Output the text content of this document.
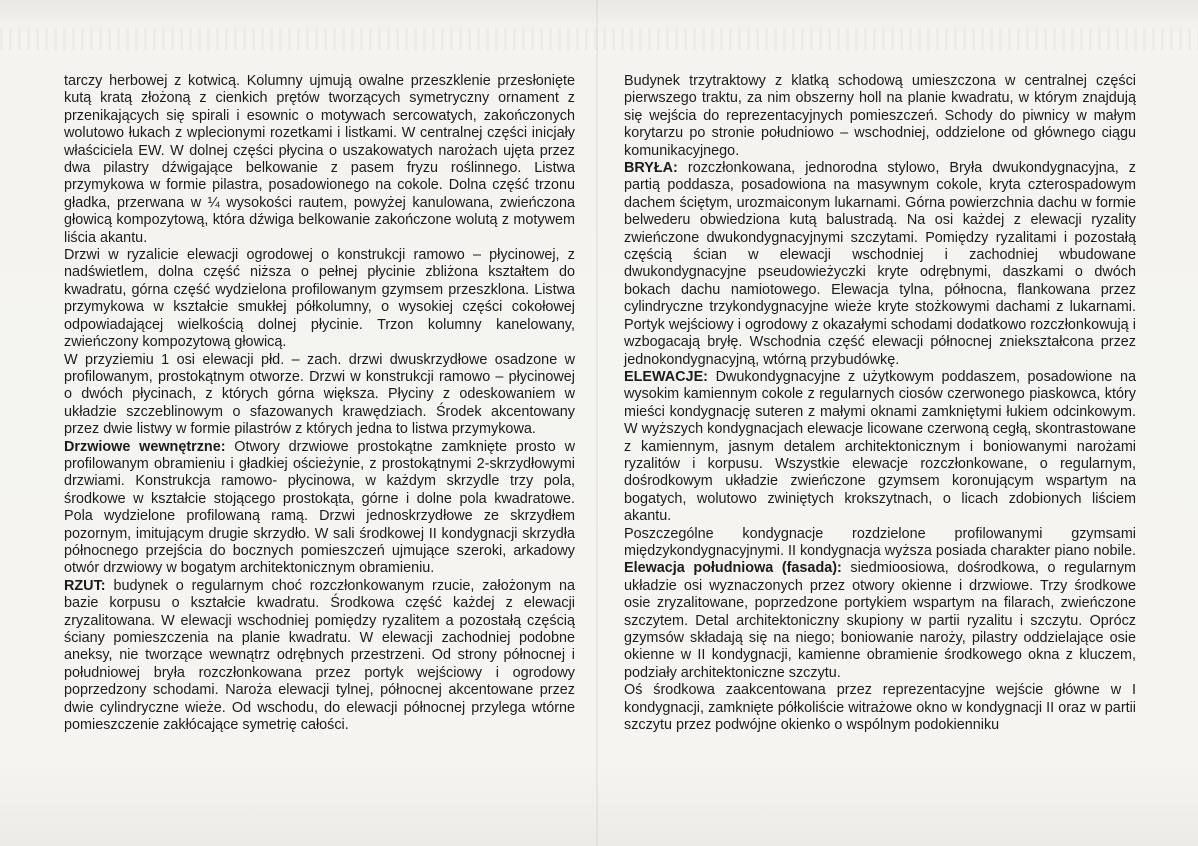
tarczy herbowej z kotwicą. Kolumny ujmują owalne przeszklenie przesłonięte kutą kratą złożoną z cienkich prętów tworzących symetryczny ornament z przenikających się spirali i esownic o motywach sercowatych, zakończonych wolutowo łukach z wplecionymi rozetkami i listkami. W centralnej części inicjały właściciela EW. W dolnej części płycina o uszakowatych narożach ujęta przez dwa pilastry dźwigające belkowanie z pasem fryzu roślinnego. Listwa przymykowa w formie pilastra, posadowionego na cokole. Dolna część trzonu gładka, przerwana w ¼ wysokości rautem, powyżej kanulowana, zwieńczona głowicą kompozytową, która dźwiga belkowanie zakończone wolutą z motywem liścia akantu.

Drzwi w ryzalicie elewacji ogrodowej o konstrukcji ramowo – płycinowej, z nadświetlem, dolna część niższa o pełnej płycinie zbliżona kształtem do kwadratu, górna część wydzielona profilowanym gzymsem przeszklona. Listwa przymykowa w kształcie smukłej półkolumny, o wysokiej części cokołowej odpowiadającej wielkością dolnej płycinie. Trzon kolumny kanelowany, zwieńczony kompozytową głowicą.

W przyziemiu 1 osi elewacji płd. – zach. drzwi dwuskrzydłowe osadzone w profilowanym, prostokątnym otworze. Drzwi w konstrukcji ramowo – płycinowej o dwóch płycinach, z których górna większa. Płyciny z odeskowaniem w układzie szczeblinowym o sfazowanych krawędziach. Środek akcentowany przez dwie listwy w formie pilastrów z których jedna to listwa przymykowa.

Drzwiowe wewnętrzne: Otwory drzwiowe prostokątne zamknięte prosto w profilowanym obramieniu i gładkiej ościeżynie, z prostokątnymi 2-skrzydłowymi drzwiami. Konstrukcja ramowo- płycinowa, w każdym skrzydle trzy pola, środkowe w kształcie stojącego prostokąta, górne i dolne pola kwadratowe. Pola wydzielone profilowaną ramą. Drzwi jednoskrzydłowe ze skrzydłem pozornym, imitującym drugie skrzydło. W sali środkowej II kondygnacji skrzydła północnego przejścia do bocznych pomieszczeń ujmujące szeroki, arkadowy otwór drzwiowy w bogatym architektonicznym obramieniu.

RZUT: budynek o regularnym choć rozczłonkowanym rzucie, założonym na bazie korpusu o kształcie kwadratu. Środkowa część każdej z elewacji zryzalitowana. W elewacji wschodniej pomiędzy ryzalitem a pozostałą częścią ściany pomieszczenia na planie kwadratu. W elewacji zachodniej podobne aneksy, nie tworzące wewnątrz odrębnych przestrzeni. Od strony północnej i południowej bryła rozczłonkowana przez portyk wejściowy i ogrodowy poprzedzony schodami. Naroża elewacji tylnej, północnej akcentowane przez dwie cylindryczne wieże. Od wschodu, do elewacji północnej przylega wtórne pomieszczenie zakłócające symetrię całości.

Budynek trzytraktowy z klatką schodową umieszczona w centralnej części pierwszego traktu, za nim obszerny holl na planie kwadratu, w którym znajdują się wejścia do reprezentacyjnych pomieszczeń. Schody do piwnicy w małym korytarzu po stronie południowo – wschodniej, oddzielone od głównego ciągu komunikacyjnego.

BRYŁA: rozczłonkowana, jednorodna stylowo, Bryła dwukondygnacyjna, z partią poddasza, posadowiona na masywnym cokole, kryta czterospadowym dachem ściętym, urozmaiconym lukarnami. Górna powierzchnia dachu w formie belwederu obwiedziona kutą balustradą. Na osi każdej z elewacji ryzality zwieńczone dwukondygnacyjnymi szczytami. Pomiędzy ryzalitami i pozostałą częścią ścian w elewacji wschodniej i zachodniej wbudowane dwukondygnacyjne pseudowieżyczki kryte odrębnymi, daszkami o dwóch bokach dachu namiotowego. Elewacja tylna, północna, flankowana przez cylindryczne trzykondygnacyjne wieże kryte stożkowymi dachami z lukarnami. Portyk wejściowy i ogrodowy z okazałymi schodami dodatkowo rozczłonkowują i wzbogacają bryłę. Wschodnia część elewacji północnej zniekształcona przez jednokondygnacyjną, wtórną przybudówkę.

ELEWACJE: Dwukondygnacyjne z użytkowym poddaszem, posadowione na wysokim kamiennym cokole z regularnych ciosów czerwonego piaskowca, który mieści kondygnację suteren z małymi oknami zamkniętymi łukiem odcinkowym. W wyższych kondygnacjach elewacje licowane czerwoną cegłą, skontrastowane z kamiennym, jasnym detalem architektonicznym i boniowanymi narożami ryzalitów i korpusu. Wszystkie elewacje rozczłonkowane, o regularnym, dośrodkowym układzie zwieńczone gzymsem koronującym wspartym na bogatych, wolutowo zwiniętych krokszytnach, o licach zdobionych liściem akantu.

Poszczególne kondygnacje rozdzielone profilowanymi gzymsami międzykondygnacyjnymi. II kondygnacja wyższa posiada charakter piano nobile.

Elewacja południowa (fasada): siedmioosiowa, dośrodkowa, o regularnym układzie osi wyznaczonych przez otwory okienne i drzwiowe. Trzy środkowe osie zryzalitowane, poprzedzone portykiem wspartym na filarach, zwieńczone szczytem. Detal architektoniczny skupiony w partii ryzalitu i szczytu. Oprócz gzymsów składają się na niego; boniowanie naroży, pilastry oddzielające osie okienne w II kondygnacji, kamienne obramienie środkowego okna z kluczem, podziały architektoniczne szczytu.

Oś środkowa zaakcentowana przez reprezentacyjne wejście główne w I kondygnacji, zamknięte półkoliście witrażowe okno w kondygnacji II oraz w partii szczytu przez podwójne okienko o wspólnym podokienniku
